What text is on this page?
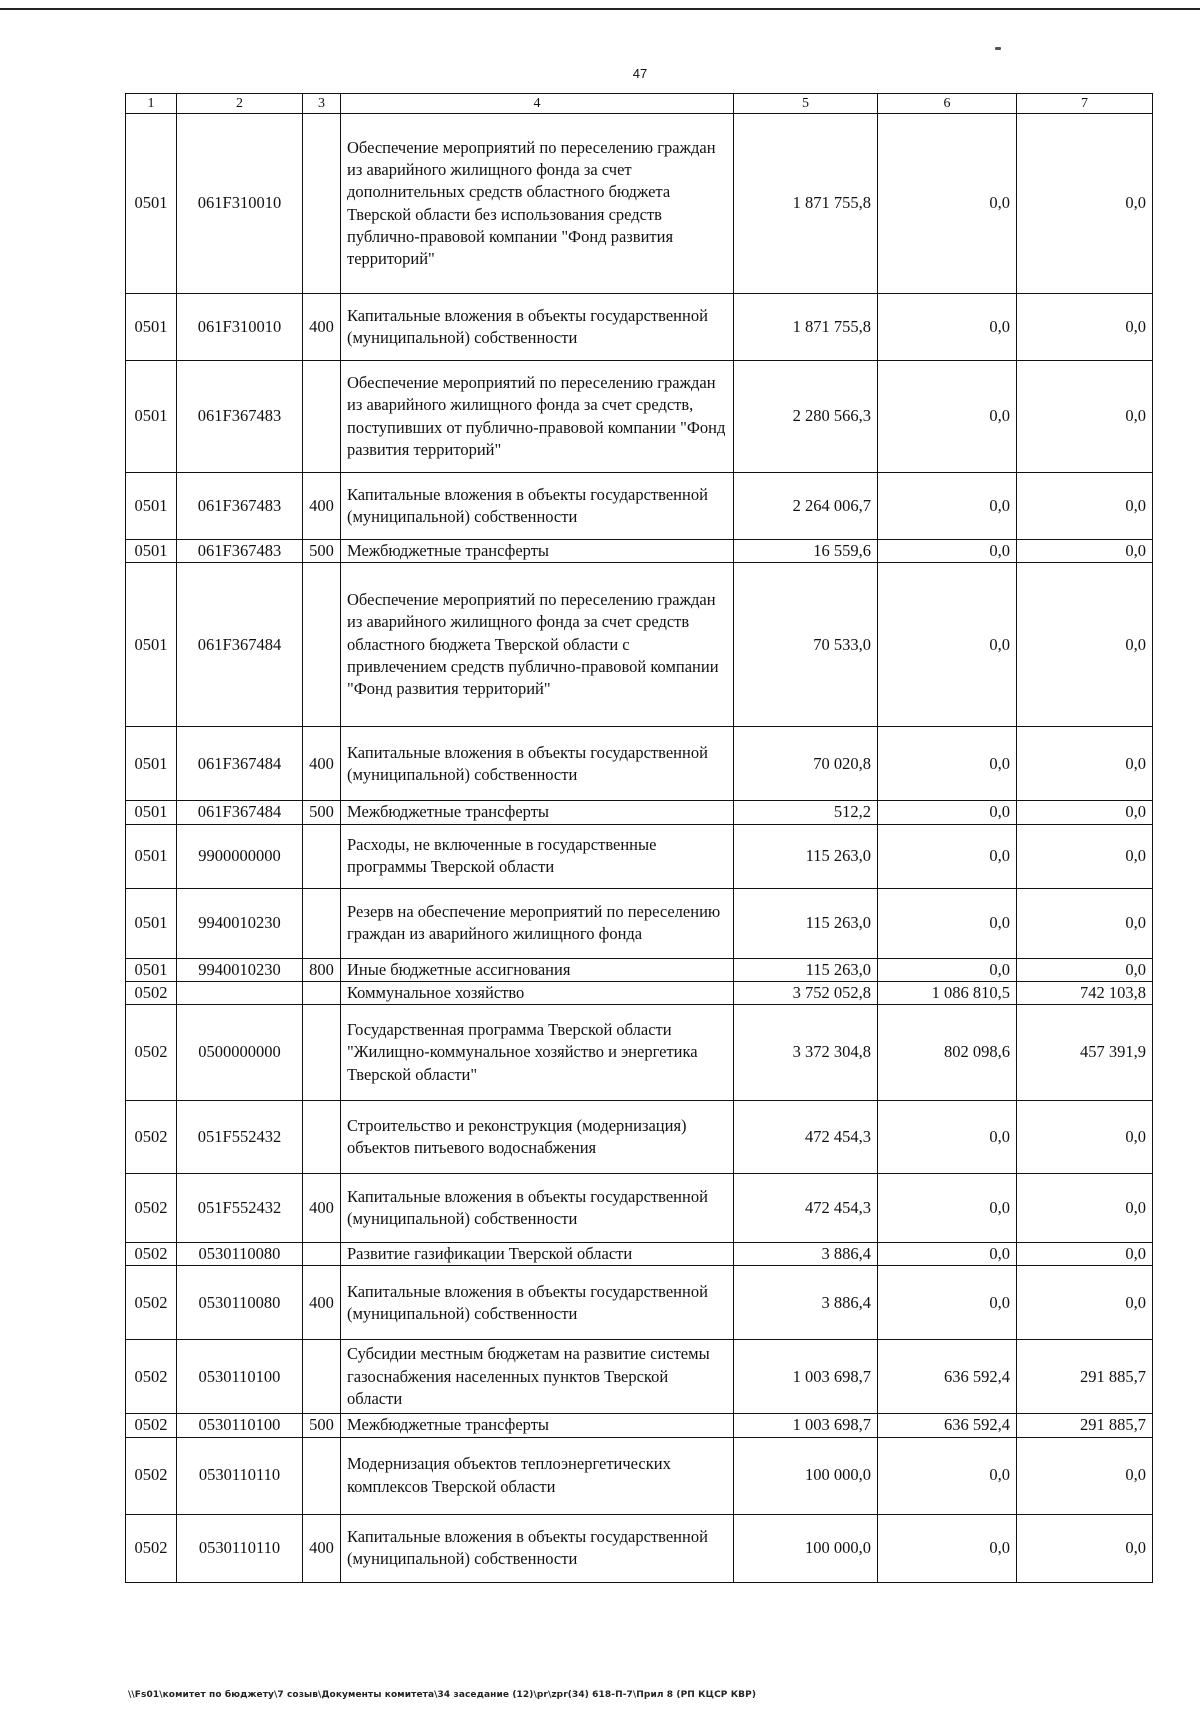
47
1	2	3	4	5	6	7
0501	061F310010		Обеспечение мероприятий по переселению граждан из аварийного жилищного фонда за счет дополнительных средств областного бюджета Тверской области без использования средств публично-правовой компании "Фонд развития территорий"	1 871 755,8	0,0	0,0
0501	061F310010	400	Капитальные вложения в объекты государственной (муниципальной) собственности	1 871 755,8	0,0	0,0
0501	061F367483		Обеспечение мероприятий по переселению граждан из аварийного жилищного фонда за счет средств, поступивших от публично-правовой компании "Фонд развития территорий"	2 280 566,3	0,0	0,0
0501	061F367483	400	Капитальные вложения в объекты государственной (муниципальной) собственности	2 264 006,7	0,0	0,0
0501	061F367483	500	Межбюджетные трансферты	16 559,6	0,0	0,0
0501	061F367484		Обеспечение мероприятий по переселению граждан из аварийного жилищного фонда за счет средств областного бюджета Тверской области с привлечением средств публично-правовой компании "Фонд развития территорий"	70 533,0	0,0	0,0
0501	061F367484	400	Капитальные вложения в объекты государственной (муниципальной) собственности	70 020,8	0,0	0,0
0501	061F367484	500	Межбюджетные трансферты	512,2	0,0	0,0
0501	9900000000		Расходы, не включенные в государственные программы Тверской области	115 263,0	0,0	0,0
0501	9940010230		Резерв на обеспечение мероприятий по переселению граждан из аварийного жилищного фонда	115 263,0	0,0	0,0
0501	9940010230	800	Иные бюджетные ассигнования	115 263,0	0,0	0,0
0502			Коммунальное хозяйство	3 752 052,8	1 086 810,5	742 103,8
0502	0500000000		Государственная программа Тверской области "Жилищно-коммунальное хозяйство и энергетика Тверской области"	3 372 304,8	802 098,6	457 391,9
0502	051F552432		Строительство и реконструкция (модернизация) объектов питьевого водоснабжения	472 454,3	0,0	0,0
0502	051F552432	400	Капитальные вложения в объекты государственной (муниципальной) собственности	472 454,3	0,0	0,0
0502	0530110080		Развитие газификации Тверской области	3 886,4	0,0	0,0
0502	0530110080	400	Капитальные вложения в объекты государственной (муниципальной) собственности	3 886,4	0,0	0,0
0502	0530110100		Субсидии местным бюджетам на развитие системы газоснабжения населенных пунктов Тверской области	1 003 698,7	636 592,4	291 885,7
0502	0530110100	500	Межбюджетные трансферты	1 003 698,7	636 592,4	291 885,7
0502	0530110110		Модернизация объектов теплоэнергетических комплексов Тверской области	100 000,0	0,0	0,0
0502	0530110110	400	Капитальные вложения в объекты государственной (муниципальной) собственности	100 000,0	0,0	0,0
\\Fs01\комитет по бюджету\7 созыв\Документы комитета\34 заседание (12)\pr\zpr(34) 618-П-7\Прил 8 (РП КЦСР КВР)
